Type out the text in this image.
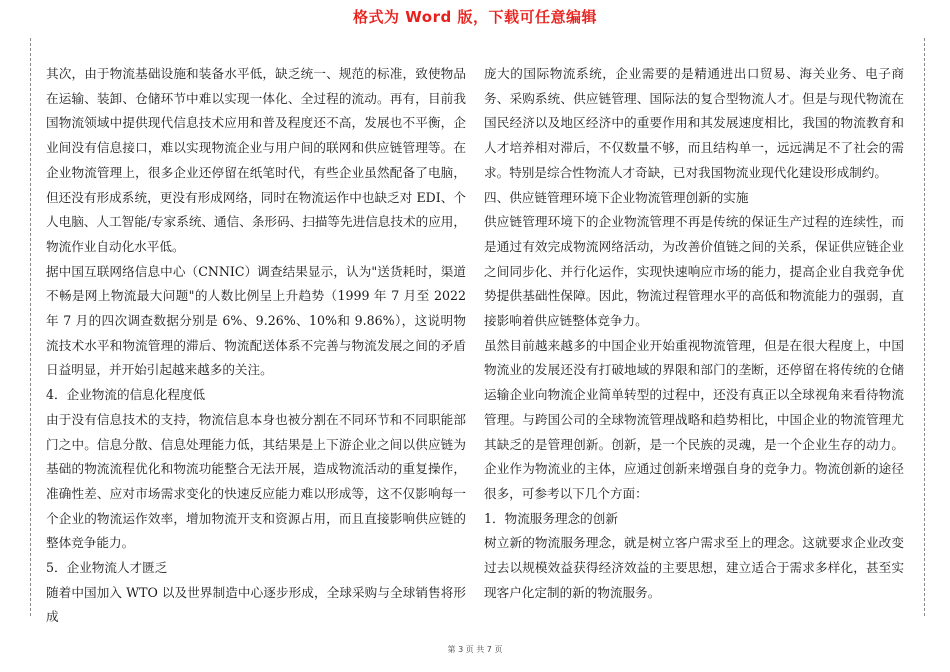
格式为 Word 版，下载可任意编辑

其次，由于物流基础设施和装备水平低，缺乏统一、规范的标准，致使物品在运输、装卸、仓储环节中难以实现一体化、全过程的流动。再有，目前我国物流领域中提供现代信息技术应用和普及程度还不高，发展也不平衡，企业间没有信息接口，难以实现物流企业与用户间的联网和供应链管理等。在企业物流管理上，很多企业还停留在纸笔时代，有些企业虽然配备了电脑，但还没有形成系统，更没有形成网络，同时在物流运作中也缺乏对 EDI、个人电脑、人工智能/专家系统、通信、条形码、扫描等先进信息技术的应用，物流作业自动化水平低。

据中国互联网络信息中心（CNNIC）调查结果显示，认为"送货耗时，渠道不畅是网上物流最大问题"的人数比例呈上升趋势（1999 年 7 月至 2022 年 7 月的四次调查数据分别是 6%、9.26%、10%和 9.86%），这说明物流技术水平和物流管理的滞后、物流配送体系不完善与物流发展之间的矛盾日益明显，并开始引起越来越多的关注。

4．企业物流的信息化程度低

由于没有信息技术的支持，物流信息本身也被分割在不同环节和不同职能部门之中。信息分散、信息处理能力低，其结果是上下游企业之间以供应链为基础的物流流程优化和物流功能整合无法开展，造成物流活动的重复操作，准确性差、应对市场需求变化的快速反应能力难以形成等，这不仅影响每一个企业的物流运作效率，增加物流开支和资源占用，而且直接影响供应链的整体竞争能力。

5．企业物流人才匮乏

随着中国加入 WTO 以及世界制造中心逐步形成，全球采购与全球销售将形成

庞大的国际物流系统，企业需要的是精通进出口贸易、海关业务、电子商务、采购系统、供应链管理、国际法的复合型物流人才。但是与现代物流在国民经济以及地区经济中的重要作用和其发展速度相比，我国的物流教育和人才培养相对滞后，不仅数量不够，而且结构单一，远远满足不了社会的需求。特别是综合性物流人才奇缺，已对我国物流业现代化建设形成制约。

四、供应链管理环境下企业物流管理创新的实施

供应链管理环境下的企业物流管理不再是传统的保证生产过程的连续性，而是通过有效完成物流网络活动，为改善价值链之间的关系，保证供应链企业之间同步化、并行化运作，实现快速响应市场的能力，提高企业自我竞争优势提供基础性保障。因此，物流过程管理水平的高低和物流能力的强弱，直接影响着供应链整体竞争力。

虽然目前越来越多的中国企业开始重视物流管理，但是在很大程度上，中国物流业的发展还没有打破地域的界限和部门的垄断，还停留在将传统的仓储运输企业向物流企业简单转型的过程中，还没有真正以全球视角来看待物流管理。与跨国公司的全球物流管理战略和趋势相比，中国企业的物流管理尤其缺乏的是管理创新。创新，是一个民族的灵魂，是一个企业生存的动力。企业作为物流业的主体，应通过创新来增强自身的竞争力。物流创新的途径很多，可参考以下几个方面：

1．物流服务理念的创新

树立新的物流服务理念，就是树立客户需求至上的理念。这就要求企业改变过去以规模效益获得经济效益的主要思想，建立适合于需求多样化，甚至实现客户化定制的新的物流服务。

第 3 页 共 7 页
